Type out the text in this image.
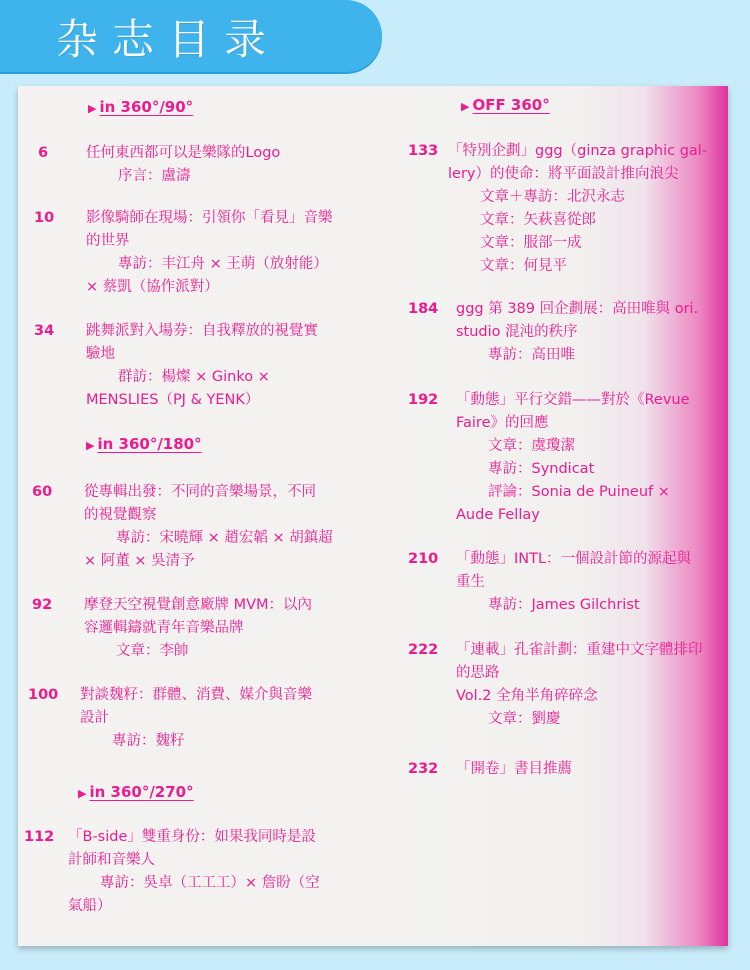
杂志目录
▶ in 360°/90°
6	任何東西都可以是樂隊的Logo
序言：盧濤
10	影像騎師在現場：引領你「看見」音樂
的世界
專訪：丰江舟 × 王萌（放射能）
× 蔡凱（協作派對）
34	跳舞派對入場券：自我釋放的視覺實
驗地
群訪：楊燦 × Ginko ×
MENSLIES（PJ & YENK）
▶ in 360°/180°
60	從專輯出發：不同的音樂場景，不同
的視覺觀察
專訪：宋曉輝 × 趙宏韜 × 胡鎮超
× 阿董 × 吳清予
92	摩登天空視覺創意廠牌 MVM：以內
容邏輯鑄就青年音樂品牌
文章：李帥
100	對談魏籽：群體、消費、媒介與音樂
設計
專訪：魏籽
▶ in 360°/270°
112 「B-side」雙重身份：如果我同時是設
計師和音樂人
專訪：吳卓（工工工）× 詹盼（空
氣船）
▶ OFF 360°
133 「特別企劃」ggg（ginza graphic gal-
lery）的使命：將平面設計推向浪尖
文章＋專訪：北沢永志
文章：矢萩喜從郎
文章：服部一成
文章：何見平
184	ggg 第 389 回企劃展：高田唯與 ori.
studio 混沌的秩序
專訪：高田唯
192	「動態」平行交錯——對於《Revue
Faire》的回應
文章：虞瓊潔
專訪：Syndicat
評論：Sonia de Puineuf ×
Aude Fellay
210	「動態」INTL：一個設計節的源起與
重生
專訪：James Gilchrist
222	「連載」孔雀計劃：重建中文字體排印
的思路
Vol.2 全角半角碎碎念
文章：劉慶
232	「開卷」書目推薦
